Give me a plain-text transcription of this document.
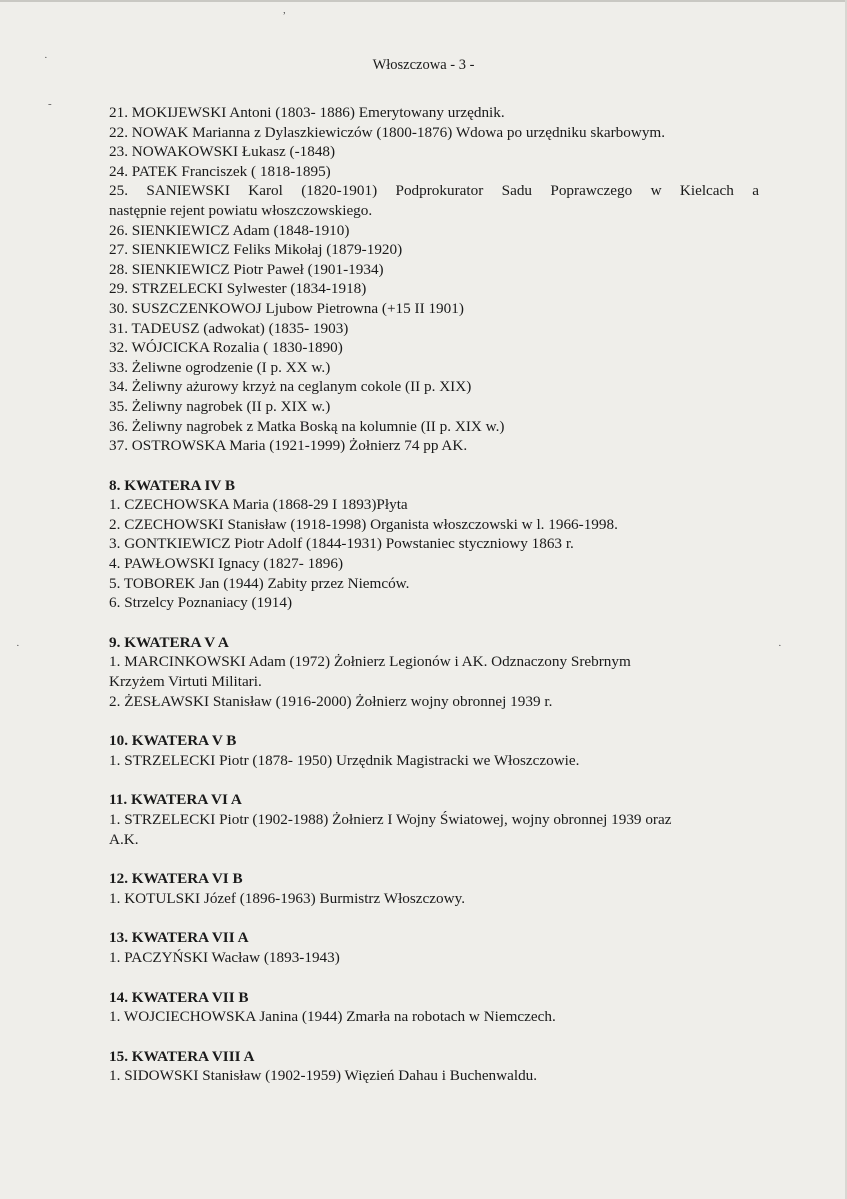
,
·
-
·	·
Włoszczowa - 3 -
21. MOKIJEWSKI Antoni (1803- 1886) Emerytowany urzędnik.
22. NOWAK Marianna z Dylaszkiewiczów (1800-1876) Wdowa po urzędniku skarbowym.
23. NOWAKOWSKI Łukasz (-1848)
24. PATEK Franciszek ( 1818-1895)
25. SANIEWSKI Karol (1820-1901) Podprokurator Sadu Poprawczego w Kielcach a
następnie rejent powiatu włoszczowskiego.
26. SIENKIEWICZ Adam (1848-1910)
27. SIENKIEWICZ Feliks Mikołaj (1879-1920)
28. SIENKIEWICZ Piotr Paweł (1901-1934)
29. STRZELECKI Sylwester (1834-1918)
30. SUSZCZENKOWOJ Ljubow Pietrowna (+15 II 1901)
31. TADEUSZ (adwokat) (1835- 1903)
32. WÓJCICKA Rozalia ( 1830-1890)
33. Żeliwne ogrodzenie (I p. XX w.)
34. Żeliwny ażurowy krzyż na ceglanym cokole (II p. XIX)
35. Żeliwny nagrobek (II p. XIX w.)
36. Żeliwny nagrobek z Matka Boską na kolumnie (II p. XIX w.)
37. OSTROWSKA Maria (1921-1999) Żołnierz 74 pp AK.
8. KWATERA IV B
1. CZECHOWSKA Maria (1868-29 I 1893)Płyta
2. CZECHOWSKI Stanisław (1918-1998) Organista włoszczowski w l. 1966-1998.
3. GONTKIEWICZ Piotr Adolf (1844-1931) Powstaniec styczniowy 1863 r.
4. PAWŁOWSKI Ignacy (1827- 1896)
5. TOBOREK Jan (1944) Zabity przez Niemców.
6. Strzelcy Poznaniacy (1914)
9. KWATERA V A
1. MARCINKOWSKI Adam (1972) Żołnierz Legionów i AK. Odznaczony Srebrnym
Krzyżem Virtuti Militari.
2. ŻESŁAWSKI Stanisław (1916-2000) Żołnierz wojny obronnej 1939 r.
10. KWATERA V B
1. STRZELECKI Piotr (1878- 1950) Urzędnik Magistracki we Włoszczowie.
11. KWATERA VI A
1. STRZELECKI Piotr (1902-1988) Żołnierz I Wojny Światowej, wojny obronnej 1939 oraz
A.K.
12. KWATERA VI B
1. KOTULSKI Józef (1896-1963) Burmistrz Włoszczowy.
13. KWATERA VII A
1. PACZYŃSKI Wacław (1893-1943)
14. KWATERA VII B
1. WOJCIECHOWSKA Janina (1944) Zmarła na robotach w Niemczech.
15. KWATERA VIII A
1. SIDOWSKI Stanisław (1902-1959) Więzień Dahau i Buchenwaldu.
